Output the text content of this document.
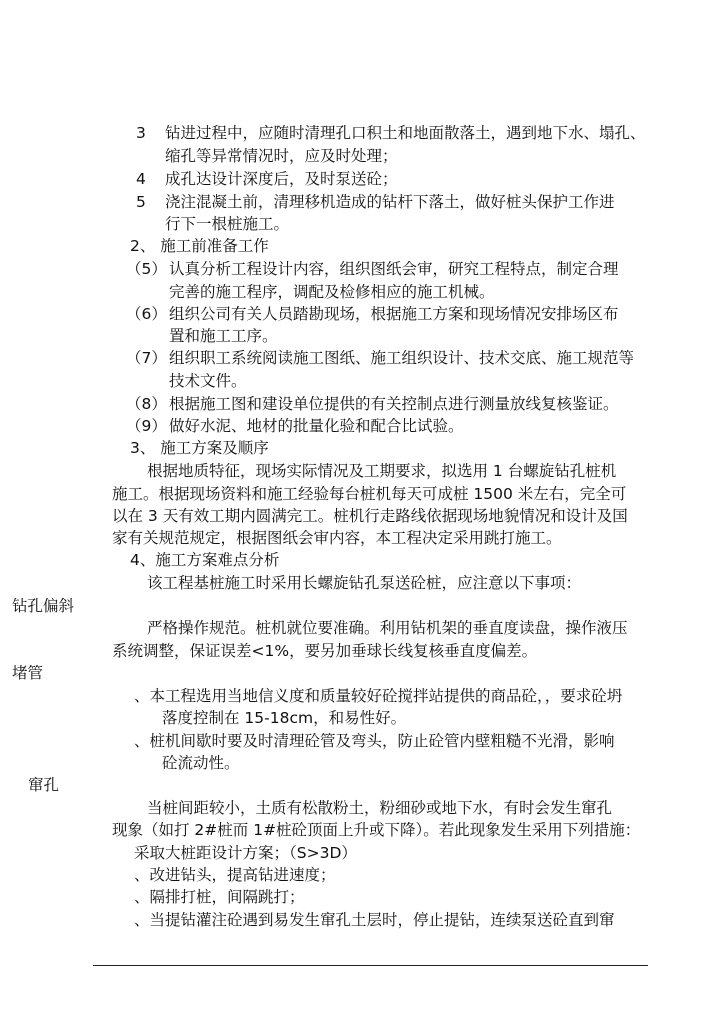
3 钻进过程中，应随时清理孔口积土和地面散落土，遇到地下水、塌孔、
缩孔等异常情况时，应及时处理；
4 成孔达设计深度后，及时泵送砼；
5 浇注混凝土前，清理移机造成的钻杆下落土，做好桩头保护工作进
行下一根桩施工。
2、 施工前准备工作
（5） 认真分析工程设计内容，组织图纸会审，研究工程特点，制定合理
完善的施工程序，调配及检修相应的施工机械。
（6） 组织公司有关人员踏勘现场，根据施工方案和现场情况安排场区布
置和施工工序。
（7） 组织职工系统阅读施工图纸、施工组织设计、技术交底、施工规范等
技术文件。
（8） 根据施工图和建设单位提供的有关控制点进行测量放线复核鉴证。
（9） 做好水泥、地材的批量化验和配合比试验。
3、 施工方案及顺序
根据地质特征，现场实际情况及工期要求，拟选用 1 台螺旋钻孔桩机
施工。根据现场资料和施工经验每台桩机每天可成桩 1500 米左右，完全可
以在 3 天有效工期内圆满完工。桩机行走路线依据现场地貌情况和设计及国
家有关规范规定，根据图纸会审内容，本工程决定采用跳打施工。
4、施工方案难点分析
该工程基桩施工时采用长螺旋钻孔泵送砼桩，应注意以下事项：
钻孔偏斜
严格操作规范。桩机就位要准确。利用钻机架的垂直度读盘，操作液压
系统调整，保证误差<1%，要另加垂球长线复核垂直度偏差。
堵管
、本工程选用当地信义度和质量较好砼搅拌站提供的商品砼，，要求砼坍
落度控制在 15-18cm，和易性好。
、桩机间歇时要及时清理砼管及弯头，防止砼管内壁粗糙不光滑，影响
砼流动性。
窜孔
当桩间距较小，土质有松散粉土，粉细砂或地下水，有时会发生窜孔
现象（如打 2#桩而 1#桩砼顶面上升或下降）。若此现象发生采用下列措施：
采取大桩距设计方案；（S>3D）
、改进钻头，提高钻进速度；
、隔排打桩，间隔跳打；
、当提钻灌注砼遇到易发生窜孔土层时，停止提钻，连续泵送砼直到窜
